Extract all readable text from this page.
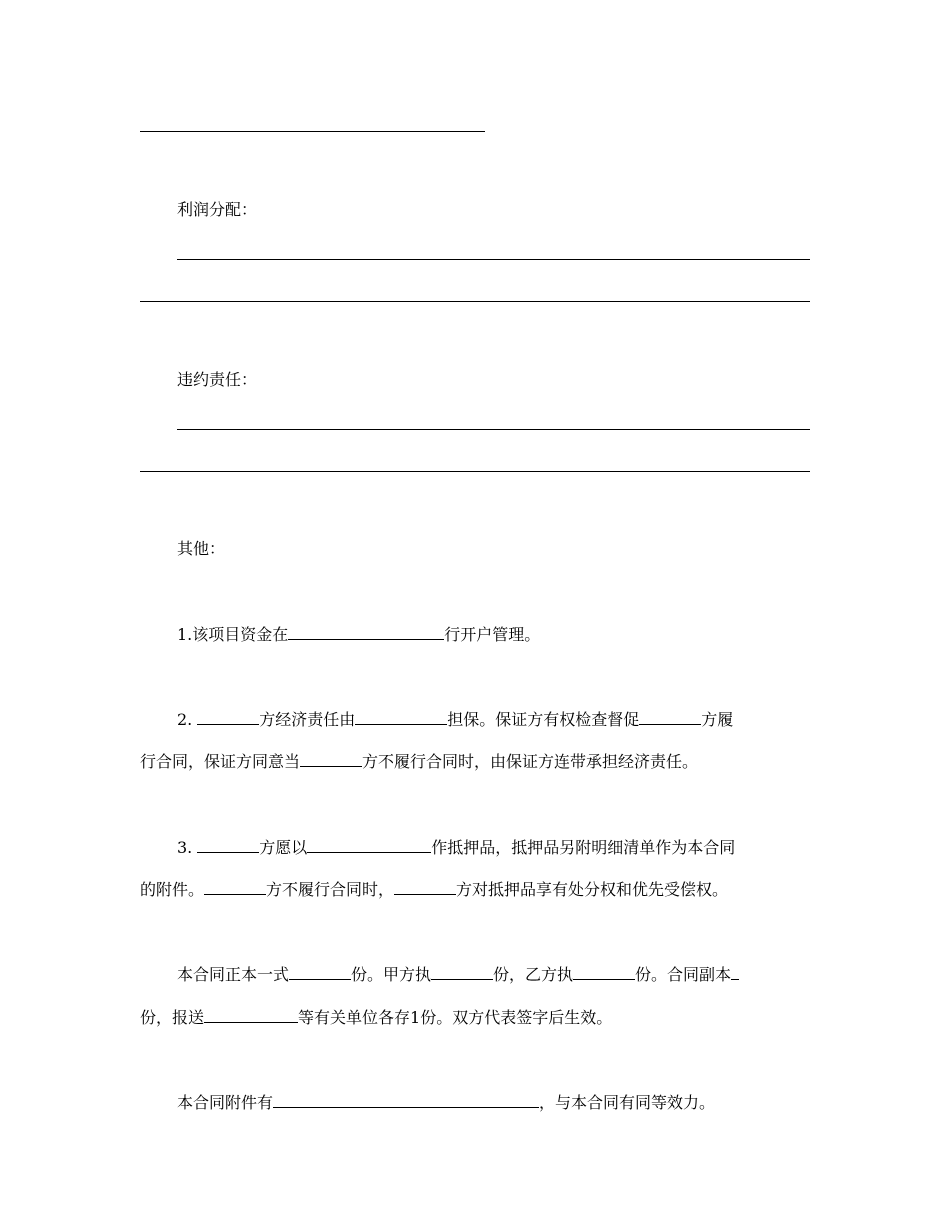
利润分配：
违约责任：
其他：
1.该项目资金在	行开户管理。
2.	方经济责任由	担保。保证方有权检查督促	方履
行合同，保证方同意当	方不履行合同时，由保证方连带承担经济责任。
3.	方愿以	作抵押品，抵押品另附明细清单作为本合同
的附件。	方不履行合同时，	方对抵押品享有处分权和优先受偿权。
本合同正本一式	份。甲方执	份，乙方执	份。合同副本
份，报送	等有关单位各存1份。双方代表签字后生效。
本合同附件有	，与本合同有同等效力。
